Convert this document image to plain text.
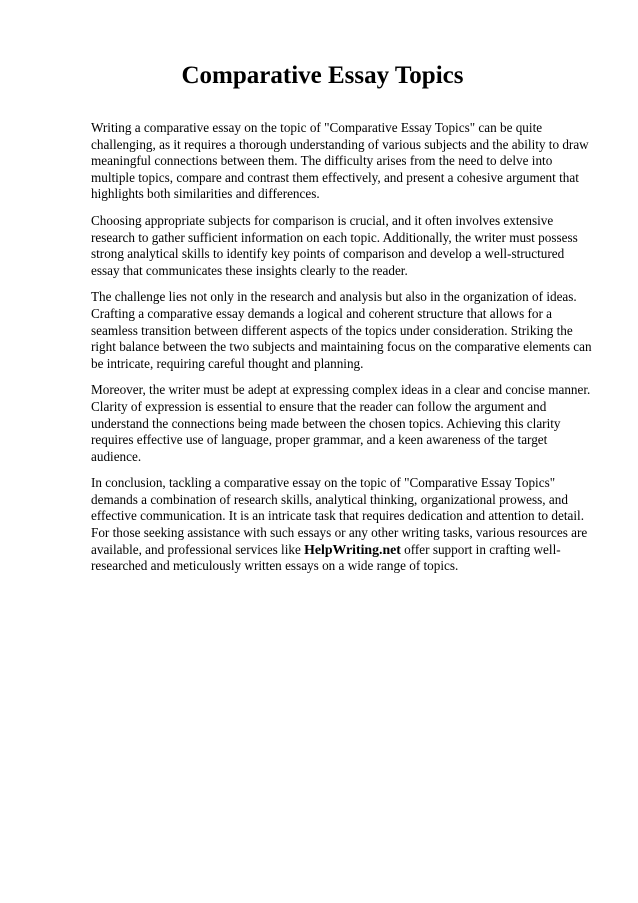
Comparative Essay Topics

Writing a comparative essay on the topic of "Comparative Essay Topics" can be quite challenging, as it requires a thorough understanding of various subjects and the ability to draw meaningful connections between them. The difficulty arises from the need to delve into multiple topics, compare and contrast them effectively, and present a cohesive argument that highlights both similarities and differences.

Choosing appropriate subjects for comparison is crucial, and it often involves extensive research to gather sufficient information on each topic. Additionally, the writer must possess strong analytical skills to identify key points of comparison and develop a well-structured essay that communicates these insights clearly to the reader.

The challenge lies not only in the research and analysis but also in the organization of ideas. Crafting a comparative essay demands a logical and coherent structure that allows for a seamless transition between different aspects of the topics under consideration. Striking the right balance between the two subjects and maintaining focus on the comparative elements can be intricate, requiring careful thought and planning.

Moreover, the writer must be adept at expressing complex ideas in a clear and concise manner. Clarity of expression is essential to ensure that the reader can follow the argument and understand the connections being made between the chosen topics. Achieving this clarity requires effective use of language, proper grammar, and a keen awareness of the target audience.

In conclusion, tackling a comparative essay on the topic of "Comparative Essay Topics" demands a combination of research skills, analytical thinking, organizational prowess, and effective communication. It is an intricate task that requires dedication and attention to detail. For those seeking assistance with such essays or any other writing tasks, various resources are available, and professional services like HelpWriting.net offer support in crafting well-researched and meticulously written essays on a wide range of topics.
